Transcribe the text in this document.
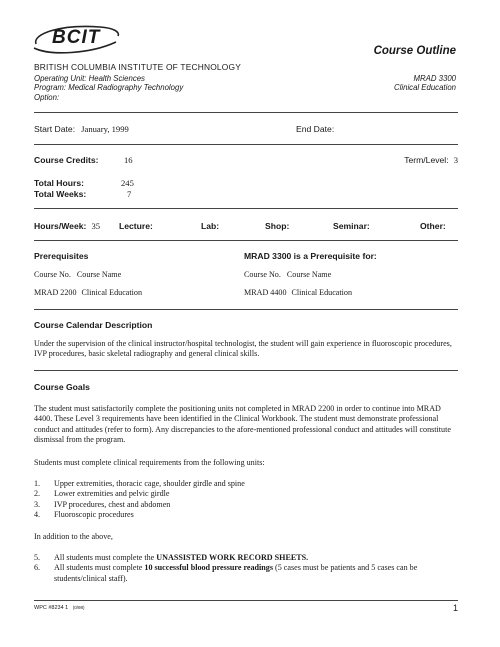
BCIT
BRITISH COLUMBIA INSTITUTE OF TECHNOLOGY
Operating Unit: Health Sciences
Program: Medical Radiography Technology
Option:
Course Outline
MRAD 3300
Clinical Education
Start Date: January, 1999	End Date:
Course Credits:	16	Term/Level: 3
Total Hours:	245
Total Weeks:	7
Hours/Week: 35 Lecture:	Lab:	Shop:	Seminar:	Other:
Prerequisites	MRAD 3300 is a Prerequisite for:
Course No. Course Name	Course No. Course Name
MRAD 2200 Clinical Education	MRAD 4400 Clinical Education
Course Calendar Description
Under the supervision of the clinical instructor/hospital technologist, the student will gain experience in fluoroscopic procedures, IVP procedures, basic skeletal radiography and general clinical skills.
Course Goals
The student must satisfactorily complete the positioning units not completed in MRAD 2200 in order to continue into MRAD 4400. These Level 3 requirements have been identified in the Clinical Workbook. The student must demonstrate professional conduct and attitudes (refer to form). Any discrepancies to the afore-mentioned professional conduct and attitudes will constitute dismissal from the program.
Students must complete clinical requirements from the following units:
1. Upper extremities, thoracic cage, shoulder girdle and spine
2. Lower extremities and pelvic girdle
3. IVP procedures, chest and abdomen
4. Fluoroscopic procedures
In addition to the above,
5. All students must complete the UNASSISTED WORK RECORD SHEETS.
6. All students must complete 10 successful blood pressure readings (5 cases must be patients and 5 cases can be students/clinical staff).
WPC #8234 1 (0/98)	1
